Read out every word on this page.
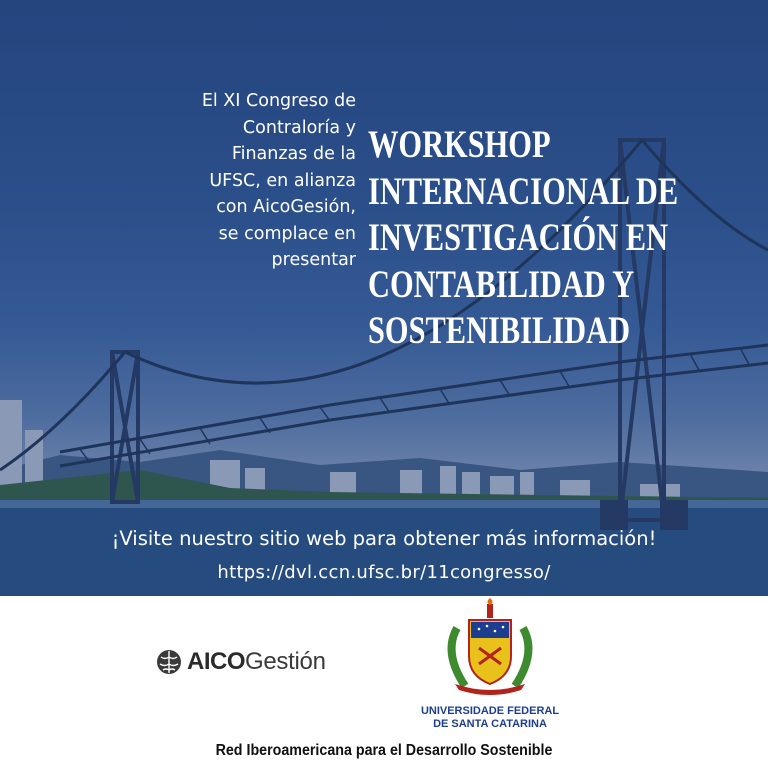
El XI Congreso de
Contraloría y
Finanzas de la
UFSC, en alianza
con AicoGesión,
se complace en
presentar
WORKSHOP
INTERNACIONAL DE
INVESTIGACIÓN EN
CONTABILIDAD Y
SOSTENIBILIDAD
¡Visite nuestro sitio web para obtener más información!
https://dvl.ccn.ufsc.br/11congresso/
AICO Gestión
UNIVERSIDADE FEDERAL
DE SANTA CATARINA
Red Iberoamericana para el Desarrollo Sostenible
